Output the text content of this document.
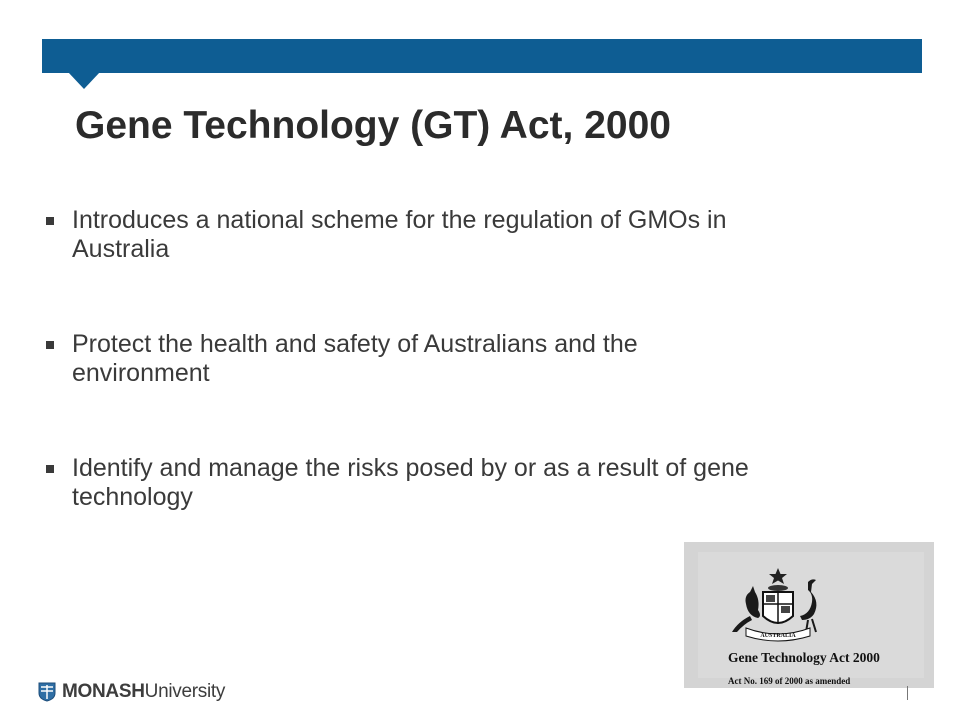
Gene Technology (GT) Act, 2000
Introduces a national scheme for the regulation of GMOs in Australia
Protect the health and safety of Australians and the environment
Identify and manage the risks posed by or as a result of gene technology
AUSTRALIA

Gene Technology Act 2000

Act No. 169 of 2000 as amended

MONASHUniversity
